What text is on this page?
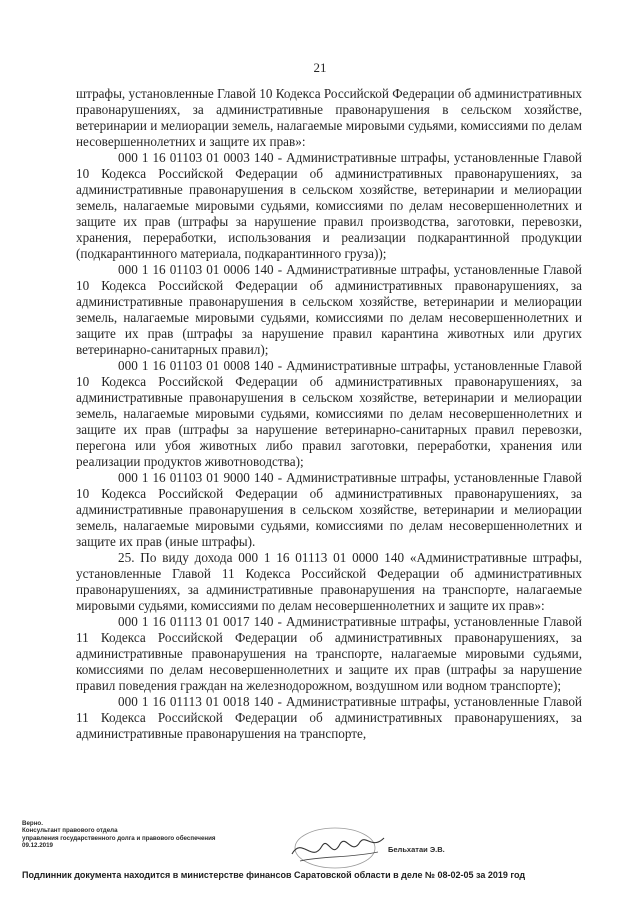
21

штрафы, установленные Главой 10 Кодекса Российской Федерации об административных правонарушениях, за административные правонарушения в сельском хозяйстве, ветеринарии и мелиорации земель, налагаемые мировыми судьями, комиссиями по делам несовершеннолетних и защите их прав»:

000 1 16 01103 01 0003 140 - Административные штрафы, установленные Главой 10 Кодекса Российской Федерации об административных правонарушениях, за административные правонарушения в сельском хозяйстве, ветеринарии и мелиорации земель, налагаемые мировыми судьями, комиссиями по делам несовершеннолетних и защите их прав (штрафы за нарушение правил производства, заготовки, перевозки, хранения, переработки, использования и реализации подкарантинной продукции (подкарантинного материала, подкарантинного груза));

000 1 16 01103 01 0006 140 - Административные штрафы, установленные Главой 10 Кодекса Российской Федерации об административных правонарушениях, за административные правонарушения в сельском хозяйстве, ветеринарии и мелиорации земель, налагаемые мировыми судьями, комиссиями по делам несовершеннолетних и защите их прав (штрафы за нарушение правил карантина животных или других ветеринарно-санитарных правил);

000 1 16 01103 01 0008 140 - Административные штрафы, установленные Главой 10 Кодекса Российской Федерации об административных правонарушениях, за административные правонарушения в сельском хозяйстве, ветеринарии и мелиорации земель, налагаемые мировыми судьями, комиссиями по делам несовершеннолетних и защите их прав (штрафы за нарушение ветеринарно-санитарных правил перевозки, перегона или убоя животных либо правил заготовки, переработки, хранения или реализации продуктов животноводства);

000 1 16 01103 01 9000 140 - Административные штрафы, установленные Главой 10 Кодекса Российской Федерации об административных правонарушениях, за административные правонарушения в сельском хозяйстве, ветеринарии и мелиорации земель, налагаемые мировыми судьями, комиссиями по делам несовершеннолетних и защите их прав (иные штрафы).

25. По виду дохода 000 1 16 01113 01 0000 140 «Административные штрафы, установленные Главой 11 Кодекса Российской Федерации об административных правонарушениях, за административные правонарушения на транспорте, налагаемые мировыми судьями, комиссиями по делам несовершеннолетних и защите их прав»:

000 1 16 01113 01 0017 140 - Административные штрафы, установленные Главой 11 Кодекса Российской Федерации об административных правонарушениях, за административные правонарушения на транспорте, налагаемые мировыми судьями, комиссиями по делам несовершеннолетних и защите их прав (штрафы за нарушение правил поведения граждан на железнодорожном, воздушном или водном транспорте);

000 1 16 01113 01 0018 140 - Административные штрафы, установленные Главой 11 Кодекса Российской Федерации об административных правонарушениях, за административные правонарушения на транспорте,

Верно.
Консультант правового отдела
управления государственного долга и правового обеспечения
09.12.2019	Бельхатаи Э.В.
Подлинник документа находится в министерстве финансов Саратовской области в деле № 08-02-05 за 2019 год
